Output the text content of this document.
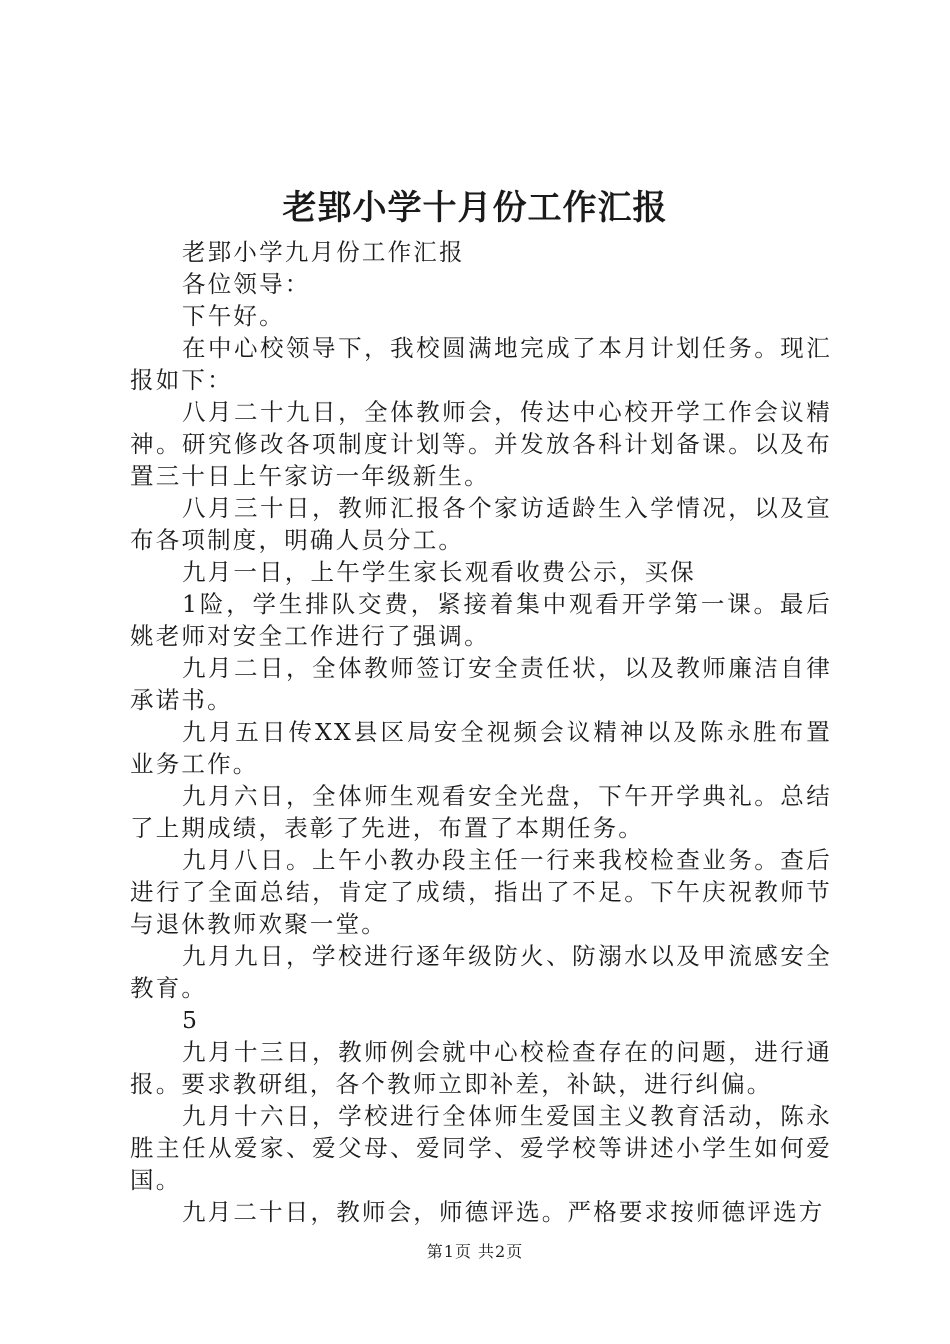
老郢小学十月份工作汇报

老郢小学九月份工作汇报

各位领导：

下午好。

在中心校领导下，我校圆满地完成了本月计划任务。现汇报如下：

八月二十九日，全体教师会，传达中心校开学工作会议精神。研究修改各项制度计划等。并发放各科计划备课。以及布置三十日上午家访一年级新生。

八月三十日，教师汇报各个家访适龄生入学情况，以及宣布各项制度，明确人员分工。

九月一日，上午学生家长观看收费公示，买保

1险，学生排队交费，紧接着集中观看开学第一课。最后姚老师对安全工作进行了强调。

九月二日，全体教师签订安全责任状，以及教师廉洁自律承诺书。

九月五日传XX县区局安全视频会议精神以及陈永胜布置业务工作。

九月六日，全体师生观看安全光盘，下午开学典礼。总结了上期成绩，表彰了先进，布置了本期任务。

九月八日。上午小教办段主任一行来我校检查业务。查后进行了全面总结，肯定了成绩，指出了不足。下午庆祝教师节与退休教师欢聚一堂。

九月九日，学校进行逐年级防火、防溺水以及甲流感安全教育。

5

九月十三日，教师例会就中心校检查存在的问题，进行通报。要求教研组，各个教师立即补差，补缺，进行纠偏。

九月十六日，学校进行全体师生爱国主义教育活动，陈永胜主任从爱家、爱父母、爱同学、爱学校等讲述小学生如何爱国。

九月二十日，教师会，师德评选。严格要求按师德评选方

第1页 共2页
